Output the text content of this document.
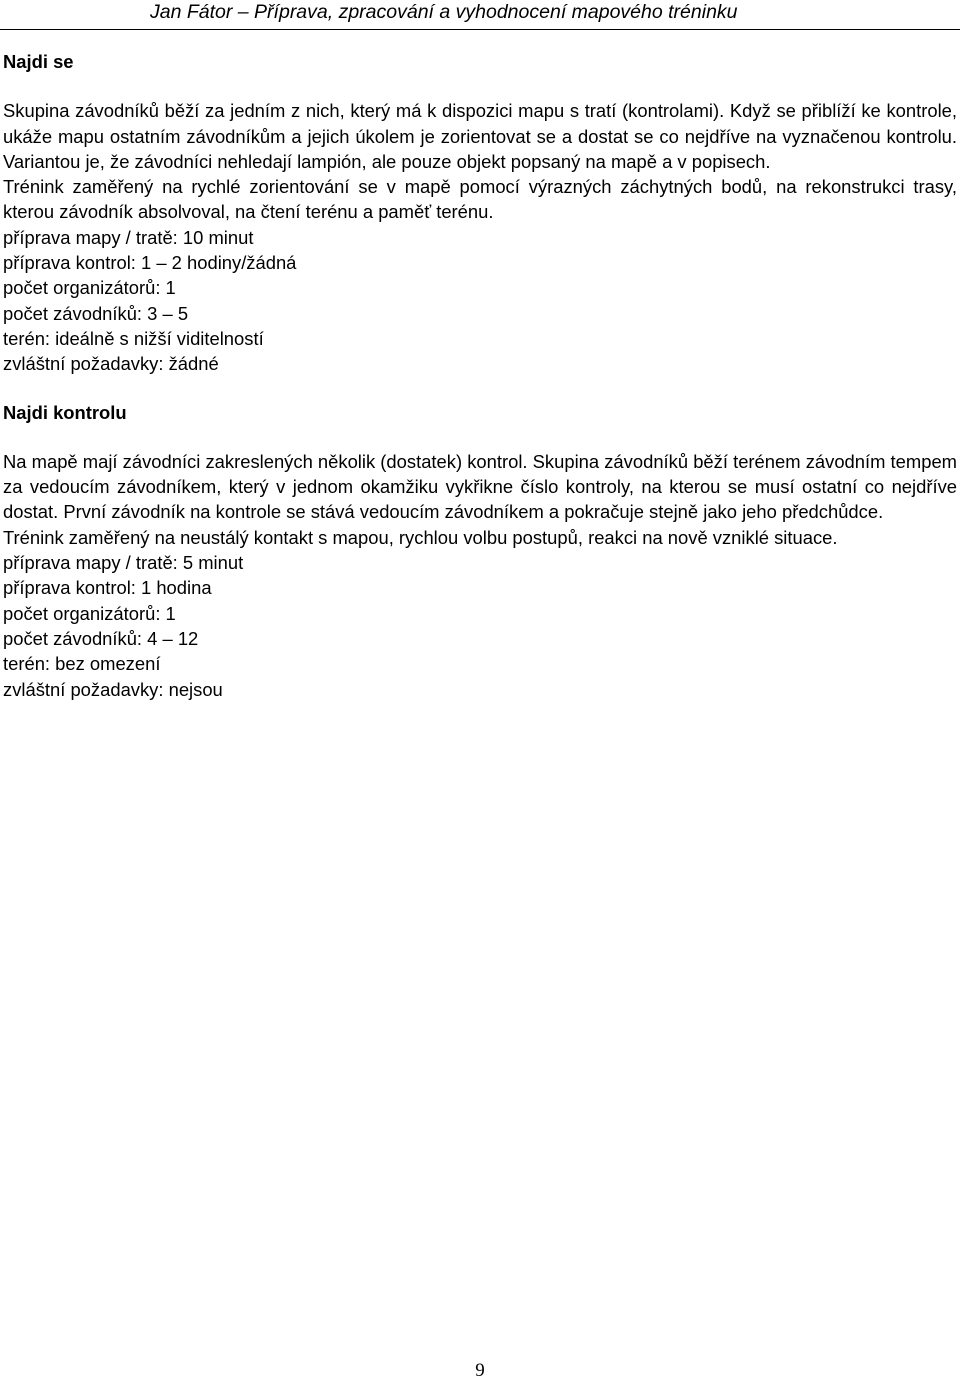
Jan Fátor – Příprava, zpracování a vyhodnocení mapového tréninku
Najdi se

Skupina závodníků běží za jedním z nich, který má k dispozici mapu s tratí (kontrolami). Když se přiblíží ke kontrole, ukáže mapu ostatním závodníkům a jejich úkolem je zorientovat se a dostat se co nejdříve na vyznačenou kontrolu. Variantou je, že závodníci nehledají lampión, ale pouze objekt popsaný na mapě a v popisech.

Trénink zaměřený na rychlé zorientování se v mapě pomocí výrazných záchytných bodů, na rekonstrukci trasy, kterou závodník absolvoval, na čtení terénu a paměť terénu.

příprava mapy / tratě: 10 minut

příprava kontrol: 1 – 2 hodiny/žádná

počet organizátorů: 1

počet závodníků: 3 – 5

terén: ideálně s nižší viditelností

zvláštní požadavky: žádné

Najdi kontrolu

Na mapě mají závodníci zakreslených několik (dostatek) kontrol. Skupina závodníků běží terénem závodním tempem za vedoucím závodníkem, který v jednom okamžiku vykřikne číslo kontroly, na kterou se musí ostatní co nejdříve dostat. První závodník na kontrole se stává vedoucím závodníkem a pokračuje stejně jako jeho předchůdce.

Trénink zaměřený na neustálý kontakt s mapou, rychlou volbu postupů, reakci na nově vzniklé situace.

příprava mapy / tratě: 5 minut

příprava kontrol: 1 hodina

počet organizátorů: 1

počet závodníků: 4 – 12

terén: bez omezení

zvláštní požadavky: nejsou

9
